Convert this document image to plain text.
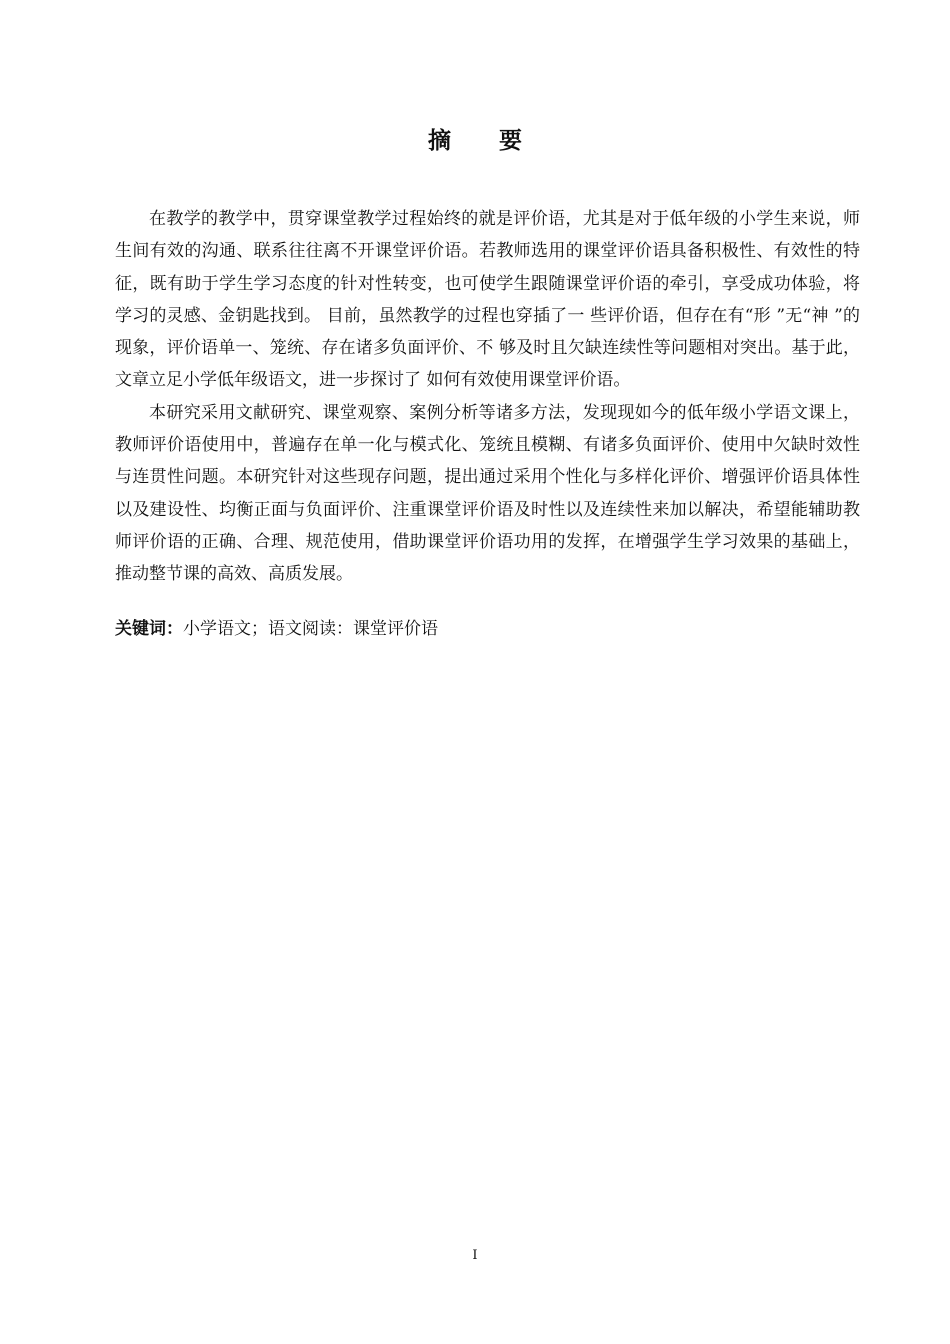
摘 要

在教学的教学中，贯穿课堂教学过程始终的就是评价语，尤其是对于低年级的小学生来说，师生间有效的沟通、联系往往离不开课堂评价语。若教师选用的课堂评价语具备积极性、有效性的特征，既有助于学生学习态度的针对性转变，也可使学生跟随课堂评价语的牵引，享受成功体验，将学习的灵感、金钥匙找到。 目前，虽然教学的过程也穿插了一 些评价语，但存在有“形 ”无“神 ”的现象，评价语单一、笼统、存在诸多负面评价、不 够及时且欠缺连续性等问题相对突出。基于此，文章立足小学低年级语文，进一步探讨了 如何有效使用课堂评价语。

本研究采用文献研究、课堂观察、案例分析等诸多方法，发现现如今的低年级小学语文课上，教师评价语使用中，普遍存在单一化与模式化、笼统且模糊、有诸多负面评价、使用中欠缺时效性与连贯性问题。本研究针对这些现存问题，提出通过采用个性化与多样化评价、增强评价语具体性以及建设性、均衡正面与负面评价、注重课堂评价语及时性以及连续性来加以解决，希望能辅助教师评价语的正确、合理、规范使用，借助课堂评价语功用的发挥，在增强学生学习效果的基础上，推动整节课的高效、高质发展。

关键词：小学语文；语文阅读：课堂评价语
I
